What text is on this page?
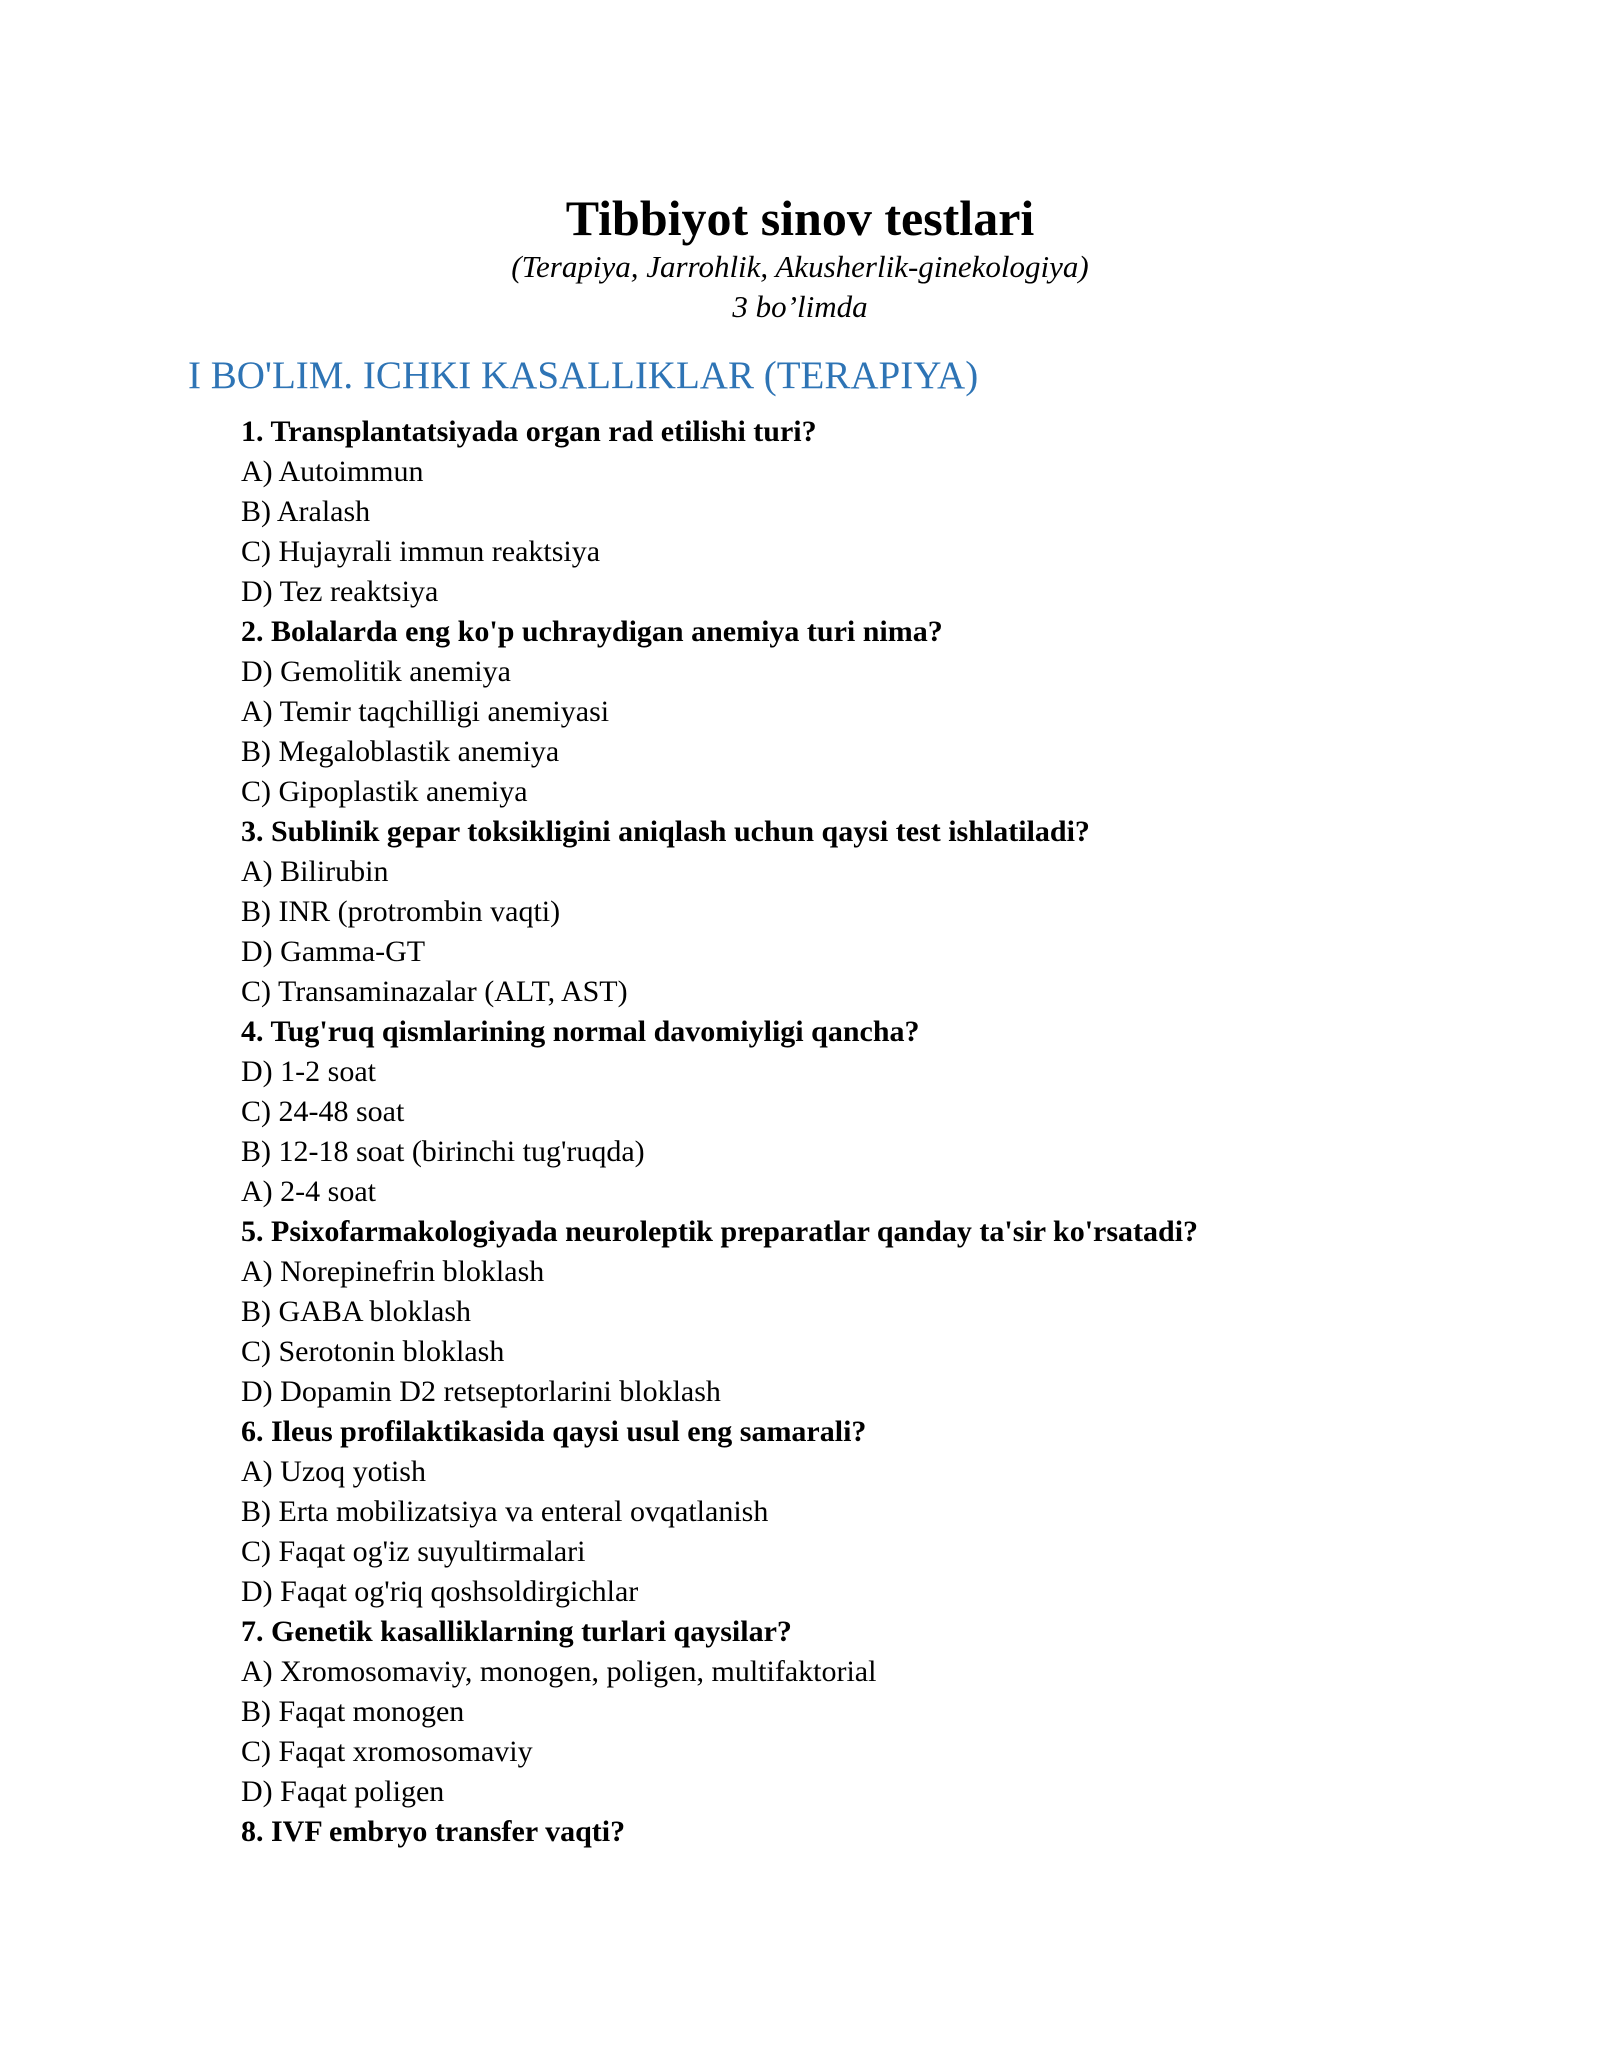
Tibbiyot sinov testlari

(Terapiya, Jarrohlik, Akusherlik-ginekologiya)

3 bo’limda

I BO'LIM. ICHKI KASALLIKLAR (TERAPIYA)
1. Transplantatsiyada organ rad etilishi turi?
A) Autoimmun
B) Aralash
C) Hujayrali immun reaktsiya
D) Tez reaktsiya
2. Bolalarda eng ko'p uchraydigan anemiya turi nima?
D) Gemolitik anemiya
A) Temir taqchilligi anemiyasi
B) Megaloblastik anemiya
C) Gipoplastik anemiya
3. Sublinik gepar toksikligini aniqlash uchun qaysi test ishlatiladi?
A) Bilirubin
B) INR (protrombin vaqti)
D) Gamma-GT
C) Transaminazalar (ALT, AST)
4. Tug'ruq qismlarining normal davomiyligi qancha?
D) 1-2 soat
C) 24-48 soat
B) 12-18 soat (birinchi tug'ruqda)
A) 2-4 soat
5. Psixofarmakologiyada neuroleptik preparatlar qanday ta'sir ko'rsatadi?
A) Norepinefrin bloklash
B) GABA bloklash
C) Serotonin bloklash
D) Dopamin D2 retseptorlarini bloklash
6. Ileus profilaktikasida qaysi usul eng samarali?
A) Uzoq yotish
B) Erta mobilizatsiya va enteral ovqatlanish
C) Faqat og'iz suyultirmalari
D) Faqat og'riq qoshsoldirgichlar
7. Genetik kasalliklarning turlari qaysilar?
A) Xromosomaviy, monogen, poligen, multifaktorial
B) Faqat monogen
C) Faqat xromosomaviy
D) Faqat poligen
8. IVF embryo transfer vaqti?
